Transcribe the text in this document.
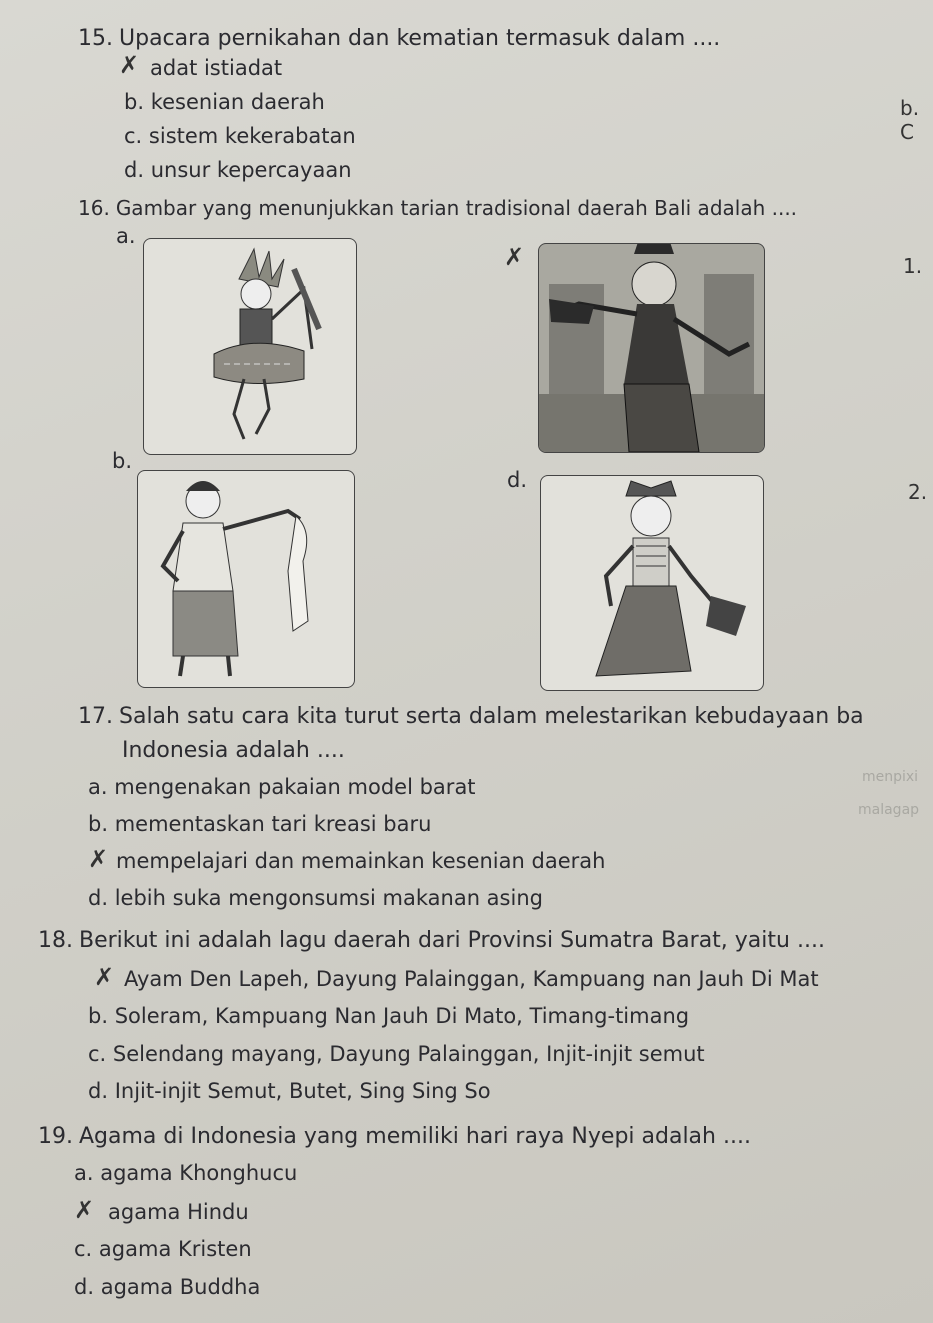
15. Upacara pernikahan dan kematian termasuk dalam ....
✗ adat istiadat
b. kesenian daerah
c. sistem kekerabatan
d. unsur kepercayaan
16. Gambar yang menunjukkan tarian tradisional daerah Bali adalah ....
a.
✗
b.
d.
17. Salah satu cara kita turut serta dalam melestarikan kebudayaan ba
Indonesia adalah ....
a. mengenakan pakaian model barat
b. mementaskan tari kreasi baru
✗ mempelajari dan memainkan kesenian daerah
d. lebih suka mengonsumsi makanan asing
18. Berikut ini adalah lagu daerah dari Provinsi Sumatra Barat, yaitu ....
✗ Ayam Den Lapeh, Dayung Palainggan, Kampuang nan Jauh Di Mat
b. Soleram, Kampuang Nan Jauh Di Mato, Timang-timang
c. Selendang mayang, Dayung Palainggan, Injit-injit semut
d. Injit-injit Semut, Butet, Sing Sing So
19. Agama di Indonesia yang memiliki hari raya Nyepi adalah ....
a. agama Khonghucu
✗ agama Hindu
c. agama Kristen
d. agama Buddha
b. C
1.
2.
menpixi
malagap
